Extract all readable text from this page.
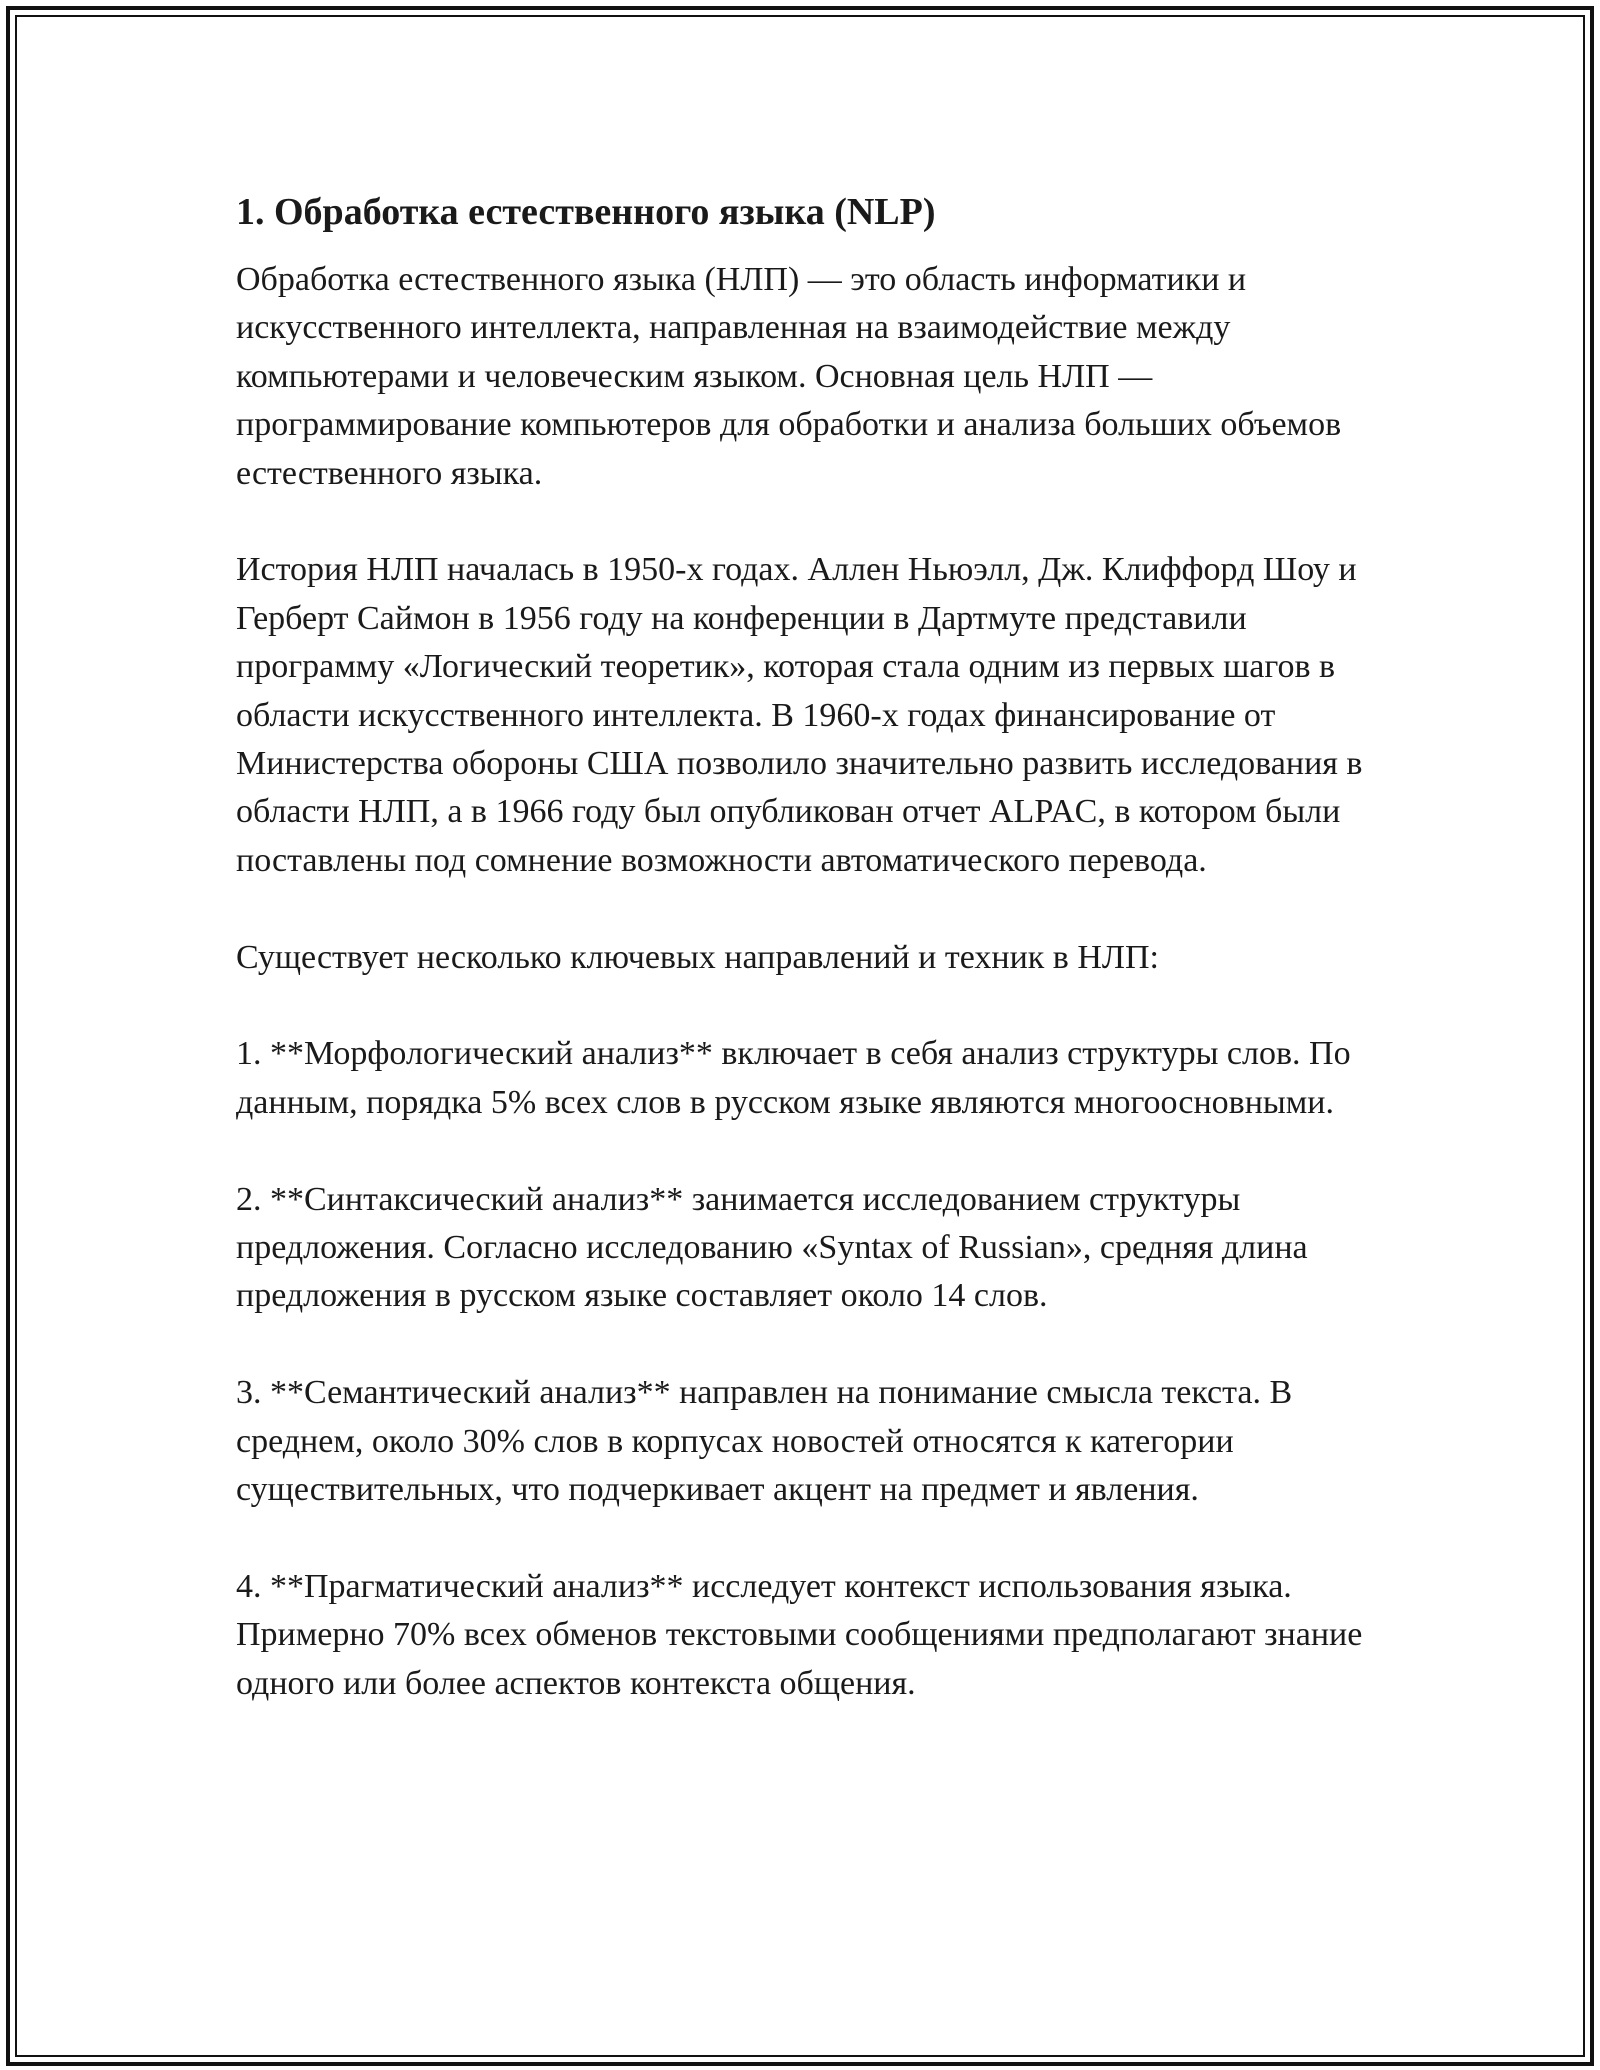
1. Обработка естественного языка (NLP)

Обработка естественного языка (НЛП) — это область информатики и искусственного интеллекта, направленная на взаимодействие между компьютерами и человеческим языком. Основная цель НЛП — программирование компьютеров для обработки и анализа больших объемов естественного языка.

История НЛП началась в 1950-х годах. Аллен Ньюэлл, Дж. Клиффорд Шоу и Герберт Саймон в 1956 году на конференции в Дартмуте представили программу «Логический теоретик», которая стала одним из первых шагов в области искусственного интеллекта. В 1960-х годах финансирование от Министерства обороны США позволило значительно развить исследования в области НЛП, а в 1966 году был опубликован отчет ALPAC, в котором были поставлены под сомнение возможности автоматического перевода.

Существует несколько ключевых направлений и техник в НЛП:

1. **Морфологический анализ** включает в себя анализ структуры слов. По данным, порядка 5% всех слов в русском языке являются многоосновными.

2. **Синтаксический анализ** занимается исследованием структуры предложения. Согласно исследованию «Syntax of Russian», средняя длина предложения в русском языке составляет около 14 слов.

3. **Семантический анализ** направлен на понимание смысла текста. В среднем, около 30% слов в корпусах новостей относятся к категории существительных, что подчеркивает акцент на предмет и явления.

4. **Прагматический анализ** исследует контекст использования языка. Примерно 70% всех обменов текстовыми сообщениями предполагают знание одного или более аспектов контекста общения.
